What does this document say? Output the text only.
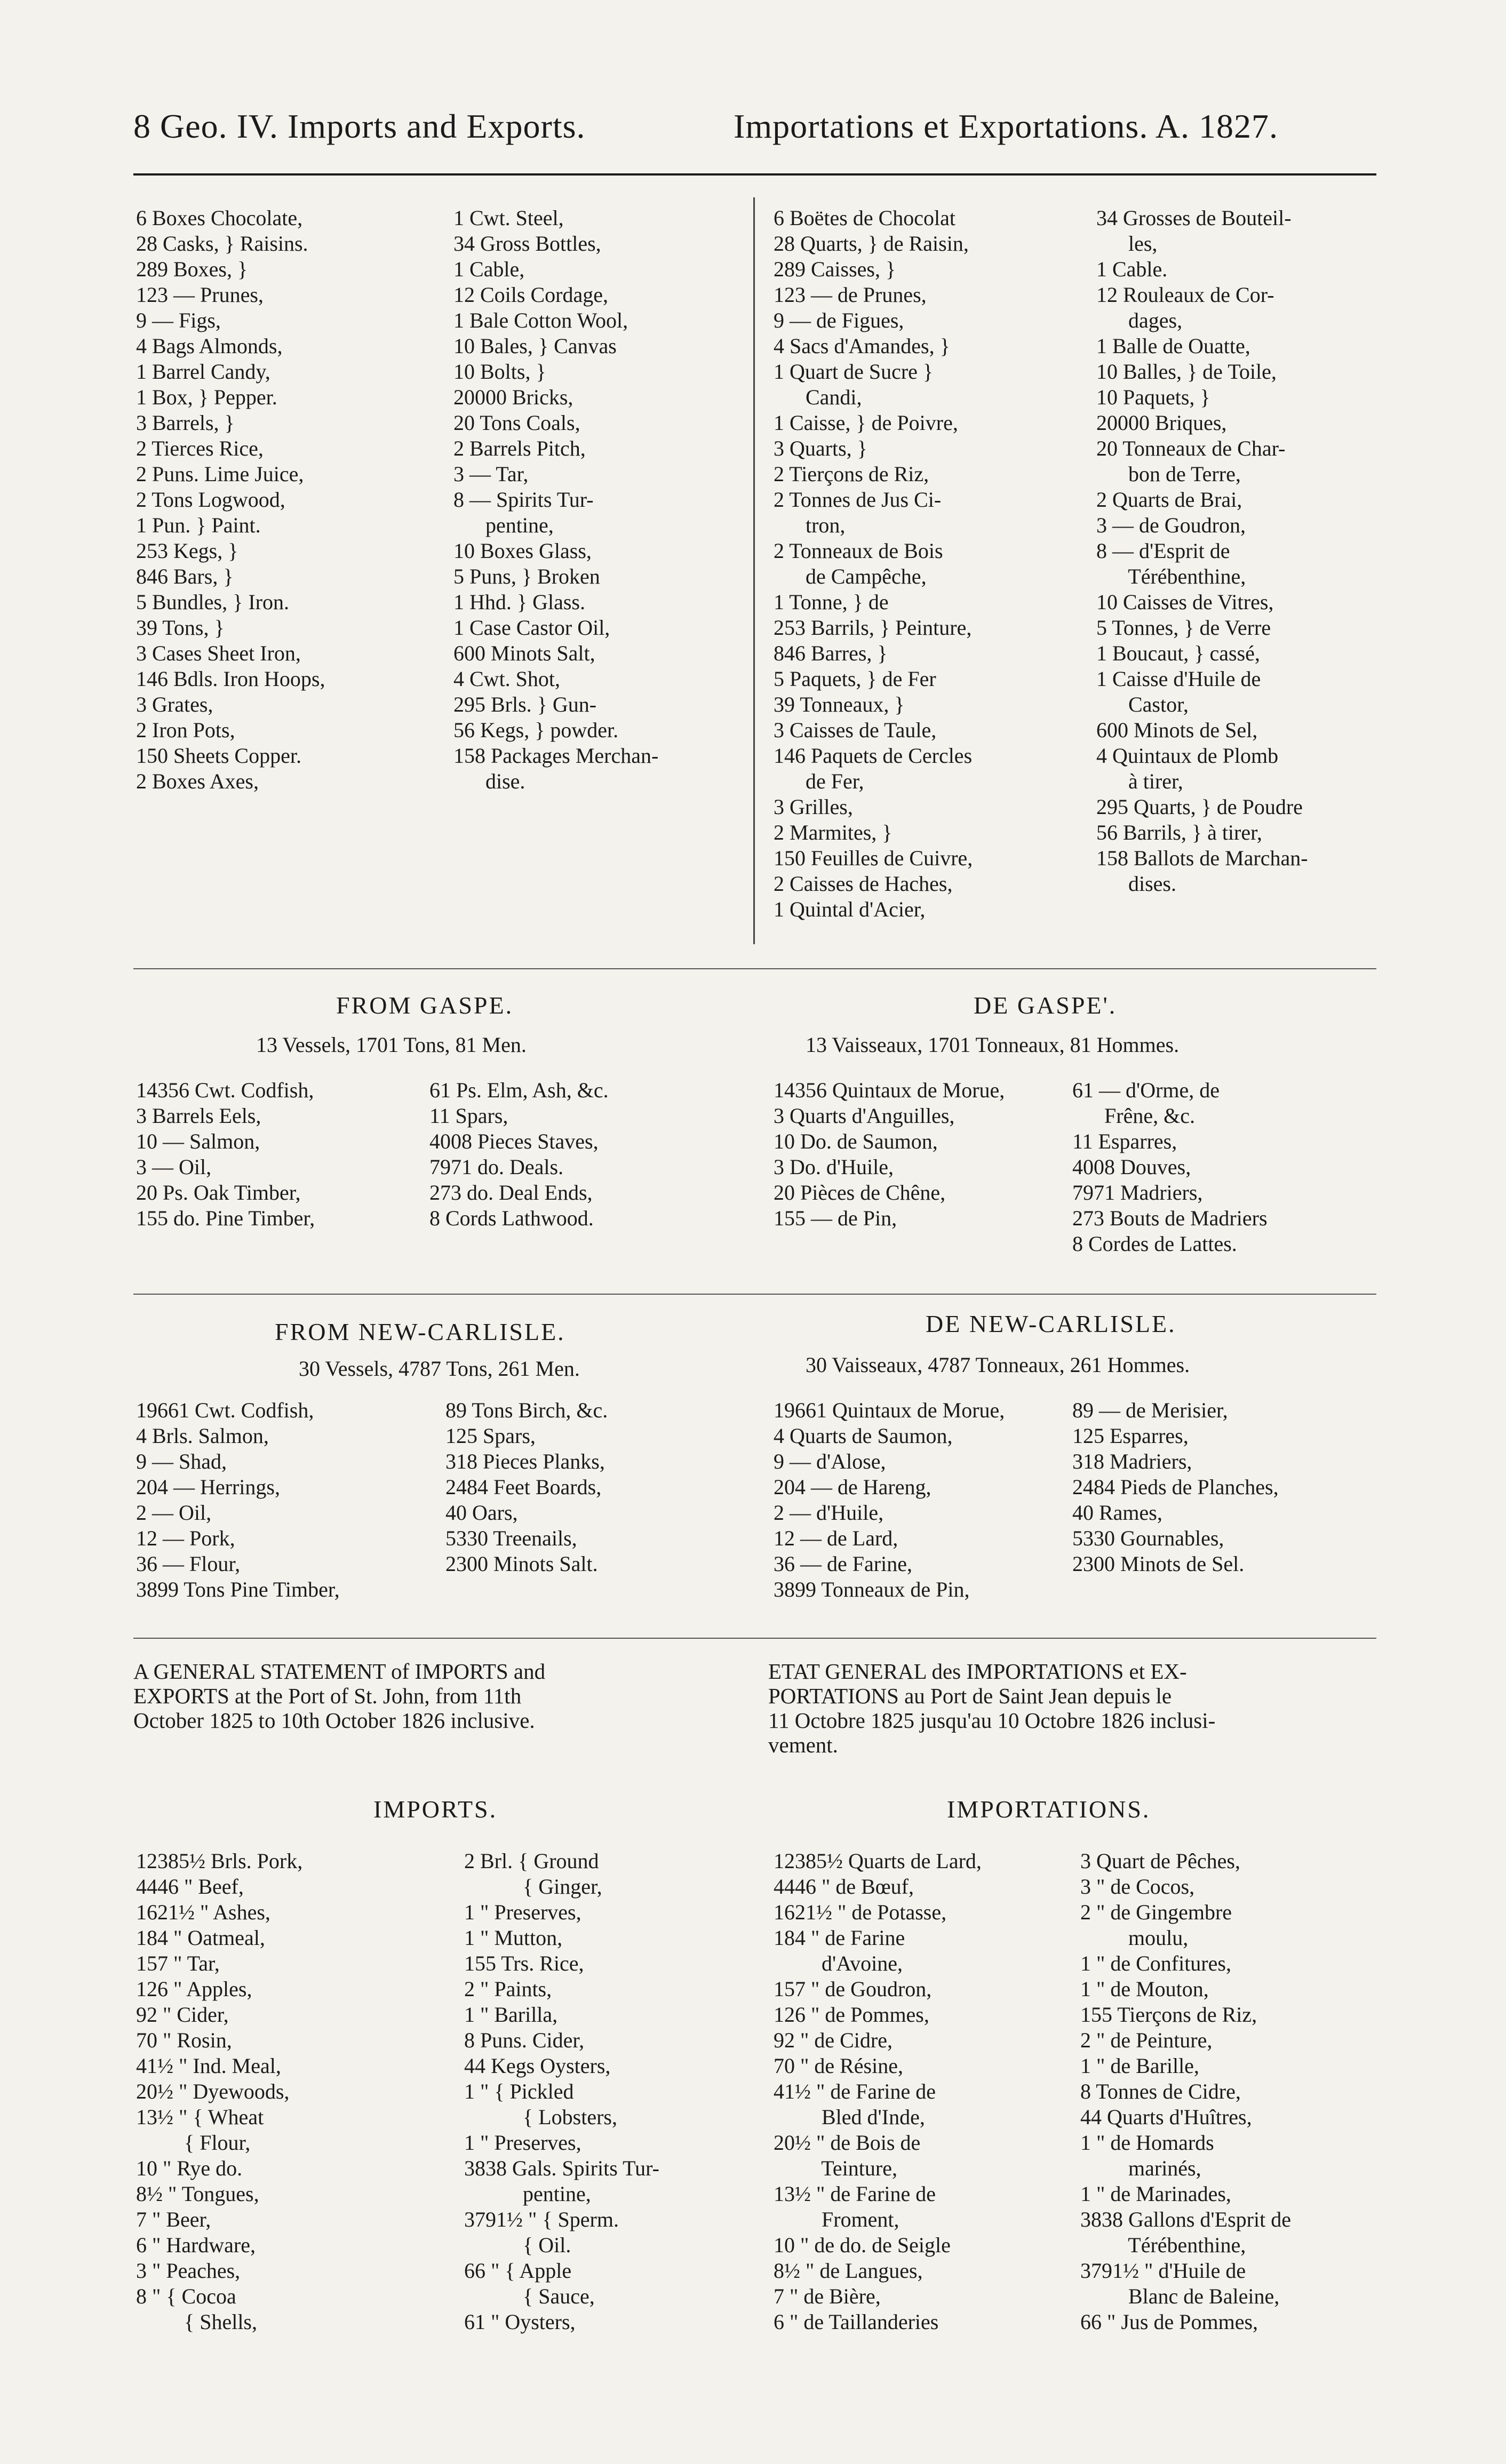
8 Geo. IV. Imports and Exports.	Importations et Exportations. A. 1827.
6 Boxes Chocolate,
28 Casks, } Raisins.
289 Boxes, }
123 — Prunes,
9 — Figs,
4 Bags Almonds,
1 Barrel Candy,
1 Box, } Pepper.
3 Barrels, }
2 Tierces Rice,
2 Puns. Lime Juice,
2 Tons Logwood,
1 Pun. } Paint.
253 Kegs, }
846 Bars, }
5 Bundles, } Iron.
39 Tons, }
3 Cases Sheet Iron,
146 Bdls. Iron Hoops,
3 Grates,
2 Iron Pots,
150 Sheets Copper.
2 Boxes Axes,
1 Cwt. Steel,
34 Gross Bottles,
1 Cable,
12 Coils Cordage,
1 Bale Cotton Wool,
10 Bales, } Canvas
10 Bolts, }
20000 Bricks,
20 Tons Coals,
2 Barrels Pitch,
3 — Tar,
8 — Spirits Tur-
pentine,
10 Boxes Glass,
5 Puns, } Broken
1 Hhd. } Glass.
1 Case Castor Oil,
600 Minots Salt,
4 Cwt. Shot,
295 Brls. } Gun-
56 Kegs, } powder.
158 Packages Merchan-
dise.
6 Boëtes de Chocolat
28 Quarts, } de Raisin,
289 Caisses, }
123 — de Prunes,
9 — de Figues,
4 Sacs d'Amandes, }
1 Quart de Sucre }
Candi,
1 Caisse, } de Poivre,
3 Quarts, }
2 Tierçons de Riz,
2 Tonnes de Jus Ci-
tron,
2 Tonneaux de Bois
de Campêche,
1 Tonne, } de
253 Barrils, } Peinture,
846 Barres, }
5 Paquets, } de Fer
39 Tonneaux, }
3 Caisses de Taule,
146 Paquets de Cercles
de Fer,
3 Grilles,
2 Marmites, }
150 Feuilles de Cuivre,
2 Caisses de Haches,
1 Quintal d'Acier,
34 Grosses de Bouteil-
les,
1 Cable.
12 Rouleaux de Cor-
dages,
1 Balle de Ouatte,
10 Balles, } de Toile,
10 Paquets, }
20000 Briques,
20 Tonneaux de Char-
bon de Terre,
2 Quarts de Brai,
3 — de Goudron,
8 — d'Esprit de
Térébenthine,
10 Caisses de Vitres,
5 Tonnes, } de Verre
1 Boucaut, } cassé,
1 Caisse d'Huile de
Castor,
600 Minots de Sel,
4 Quintaux de Plomb
à tirer,
295 Quarts, } de Poudre
56 Barrils, } à tirer,
158 Ballots de Marchan-
dises.
FROM GASPE.	DE GASPE'.
13 Vessels, 1701 Tons, 81 Men.	13 Vaisseaux, 1701 Tonneaux, 81 Hommes.
14356 Cwt. Codfish,
3 Barrels Eels,
10 — Salmon,
3 — Oil,
20 Ps. Oak Timber,
155 do. Pine Timber,
61 Ps. Elm, Ash, &c.
11 Spars,
4008 Pieces Staves,
7971 do. Deals.
273 do. Deal Ends,
8 Cords Lathwood.
14356 Quintaux de Morue,
3 Quarts d'Anguilles,
10 Do. de Saumon,
3 Do. d'Huile,
20 Pièces de Chêne,
155 — de Pin,
61 — d'Orme, de
Frêne, &c.
11 Esparres,
4008 Douves,
7971 Madriers,
273 Bouts de Madriers
8 Cordes de Lattes.
FROM NEW-CARLISLE.	DE NEW-CARLISLE.
30 Vessels, 4787 Tons, 261 Men.	30 Vaisseaux, 4787 Tonneaux, 261 Hommes.
19661 Cwt. Codfish,
4 Brls. Salmon,
9 — Shad,
204 — Herrings,
2 — Oil,
12 — Pork,
36 — Flour,
3899 Tons Pine Timber,
89 Tons Birch, &c.
125 Spars,
318 Pieces Planks,
2484 Feet Boards,
40 Oars,
5330 Treenails,
2300 Minots Salt.
19661 Quintaux de Morue,
4 Quarts de Saumon,
9 — d'Alose,
204 — de Hareng,
2 — d'Huile,
12 — de Lard,
36 — de Farine,
3899 Tonneaux de Pin,
89 — de Merisier,
125 Esparres,
318 Madriers,
2484 Pieds de Planches,
40 Rames,
5330 Gournables,
2300 Minots de Sel.
A GENERAL STATEMENT of IMPORTS and
EXPORTS at the Port of St. John, from 11th
October 1825 to 10th October 1826 inclusive.
ETAT GENERAL des IMPORTATIONS et EX-
PORTATIONS au Port de Saint Jean depuis le
11 Octobre 1825 jusqu'au 10 Octobre 1826 inclusi-
vement.
IMPORTS.	IMPORTATIONS.
12385½ Brls. Pork,
4446 " Beef,
1621½ " Ashes,
184 " Oatmeal,
157 " Tar,
126 " Apples,
92 " Cider,
70 " Rosin,
41½ " Ind. Meal,
20½ " Dyewoods,
13½ " { Wheat
{ Flour,
10 " Rye do.
8½ " Tongues,
7 " Beer,
6 " Hardware,
3 " Peaches,
8 " { Cocoa
{ Shells,
2 Brl. { Ground
{ Ginger,
1 " Preserves,
1 " Mutton,
155 Trs. Rice,
2 " Paints,
1 " Barilla,
8 Puns. Cider,
44 Kegs Oysters,
1 " { Pickled
{ Lobsters,
1 " Preserves,
3838 Gals. Spirits Tur-
pentine,
3791½ " { Sperm.
{ Oil.
66 " { Apple
{ Sauce,
61 " Oysters,
12385½ Quarts de Lard,
4446 " de Bœuf,
1621½ " de Potasse,
184 " de Farine
d'Avoine,
157 " de Goudron,
126 " de Pommes,
92 " de Cidre,
70 " de Résine,
41½ " de Farine de
Bled d'Inde,
20½ " de Bois de
Teinture,
13½ " de Farine de
Froment,
10 " de do. de Seigle
8½ " de Langues,
7 " de Bière,
6 " de Taillanderies
3 Quart de Pêches,
3 " de Cocos,
2 " de Gingembre
moulu,
1 " de Confitures,
1 " de Mouton,
155 Tierçons de Riz,
2 " de Peinture,
1 " de Barille,
8 Tonnes de Cidre,
44 Quarts d'Huîtres,
1 " de Homards
marinés,
1 " de Marinades,
3838 Gallons d'Esprit de
Térébenthine,
3791½ " d'Huile de
Blanc de Baleine,
66 " Jus de Pommes,
